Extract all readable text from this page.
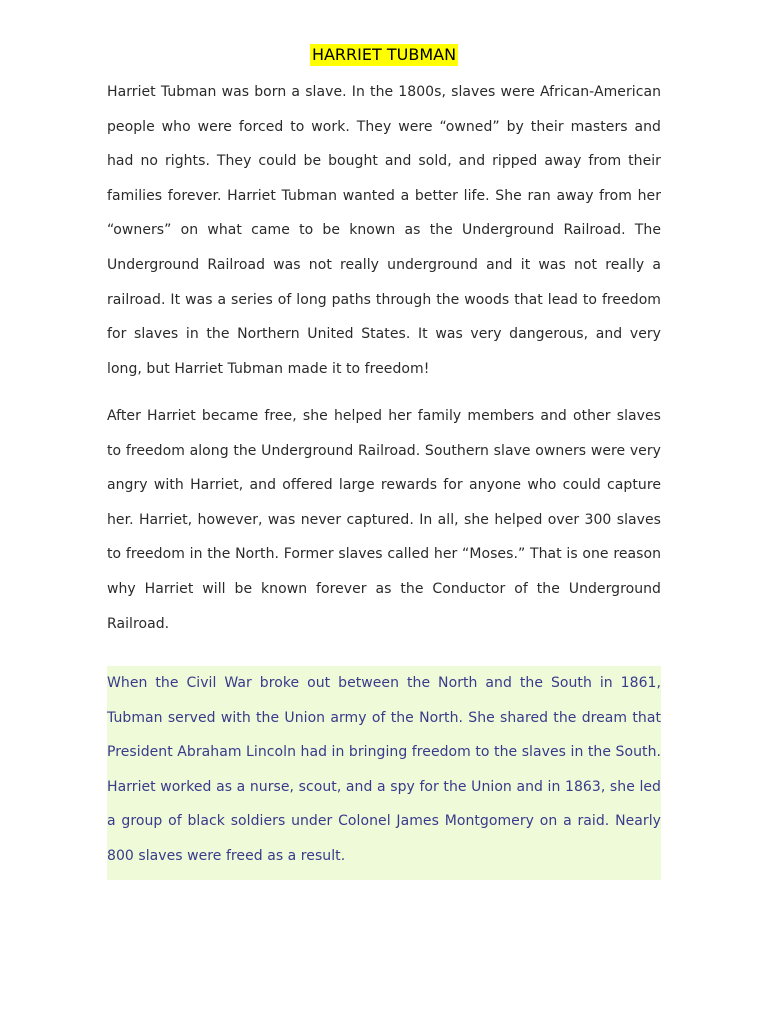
HARRIET TUBMAN

Harriet Tubman was born a slave. In the 1800s, slaves were African-American people who were forced to work. They were “owned” by their masters and had no rights. They could be bought and sold, and ripped away from their families forever. Harriet Tubman wanted a better life. She ran away from her “owners” on what came to be known as the Underground Railroad. The Underground Railroad was not really underground and it was not really a railroad. It was a series of long paths through the woods that lead to freedom for slaves in the Northern United States. It was very dangerous, and very long, but Harriet Tubman made it to freedom!

After Harriet became free, she helped her family members and other slaves to freedom along the Underground Railroad. Southern slave owners were very angry with Harriet, and offered large rewards for anyone who could capture her. Harriet, however, was never captured. In all, she helped over 300 slaves to freedom in the North. Former slaves called her “Moses.” That is one reason why Harriet will be known forever as the Conductor of the Underground Railroad.

When the Civil War broke out between the North and the South in 1861, Tubman served with the Union army of the North. She shared the dream that President Abraham Lincoln had in bringing freedom to the slaves in the South. Harriet worked as a nurse, scout, and a spy for the Union and in 1863, she led a group of black soldiers under Colonel James Montgomery on a raid. Nearly 800 slaves were freed as a result.
